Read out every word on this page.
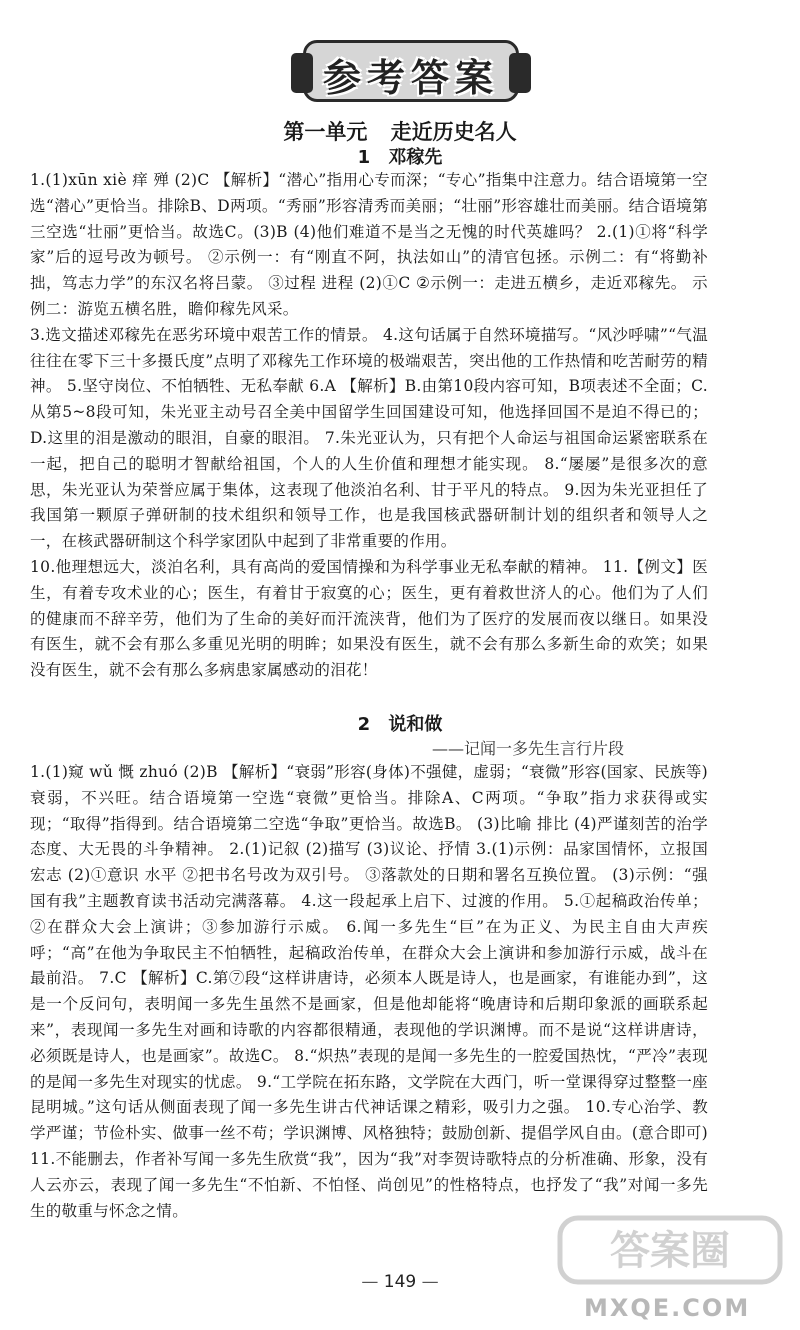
参考答案
第一单元 走近历史名人
1 邓稼先

1.(1)xūn xiè 痒 殚 (2)C 【解析】“潜心”指用心专而深；“专心”指集中注意力。结合语境第一空选“潜心”更恰当。排除B、D两项。“秀丽”形容清秀而美丽；“壮丽”形容雄壮而美丽。结合语境第三空选“壮丽”更恰当。故选C。(3)B (4)他们难道不是当之无愧的时代英雄吗？ 2.(1)①将“科学家”后的逗号改为顿号。 ②示例一：有“刚直不阿，执法如山”的清官包拯。示例二：有“将勤补拙，笃志力学”的东汉名将吕蒙。 ③过程 进程 (2)①C ②示例一：走进五横乡，走近邓稼先。 示例二：游览五横名胜，瞻仰稼先风采。

3.选文描述邓稼先在恶劣环境中艰苦工作的情景。 4.这句话属于自然环境描写。“风沙呼啸”“气温往往在零下三十多摄氏度”点明了邓稼先工作环境的极端艰苦，突出他的工作热情和吃苦耐劳的精神。 5.坚守岗位、不怕牺牲、无私奉献 6.A 【解析】B.由第10段内容可知，B项表述不全面；C.从第5~8段可知，朱光亚主动号召全美中国留学生回国建设可知，他选择回国不是迫不得已的；D.这里的泪是激动的眼泪，自豪的眼泪。 7.朱光亚认为，只有把个人命运与祖国命运紧密联系在一起，把自己的聪明才智献给祖国，个人的人生价值和理想才能实现。 8.“屡屡”是很多次的意思，朱光亚认为荣誉应属于集体，这表现了他淡泊名利、甘于平凡的特点。 9.因为朱光亚担任了我国第一颗原子弹研制的技术组织和领导工作，也是我国核武器研制计划的组织者和领导人之一，在核武器研制这个科学家团队中起到了非常重要的作用。

10.他理想远大，淡泊名利，具有高尚的爱国情操和为科学事业无私奉献的精神。 11.【例文】医生，有着专攻术业的心；医生，有着甘于寂寞的心；医生，更有着救世济人的心。他们为了人们的健康而不辞辛劳，他们为了生命的美好而汗流浃背，他们为了医疗的发展而夜以继日。如果没有医生，就不会有那么多重见光明的明眸；如果没有医生，就不会有那么多新生命的欢笑；如果没有医生，就不会有那么多病患家属感动的泪花！

2 说和做
——记闻一多先生言行片段

1.(1)窥 wǔ 慨 zhuó (2)B 【解析】“衰弱”形容(身体)不强健，虚弱；“衰微”形容(国家、民族等)衰弱，不兴旺。结合语境第一空选“衰微”更恰当。排除A、C两项。“争取”指力求获得或实现；“取得”指得到。结合语境第二空选“争取”更恰当。故选B。 (3)比喻 排比 (4)严谨刻苦的治学态度、大无畏的斗争精神。 2.(1)记叙 (2)描写 (3)议论、抒情 3.(1)示例：品家国情怀，立报国宏志 (2)①意识 水平 ②把书名号改为双引号。 ③落款处的日期和署名互换位置。 (3)示例：“强国有我”主题教育读书活动完满落幕。 4.这一段起承上启下、过渡的作用。 5.①起稿政治传单；②在群众大会上演讲；③参加游行示威。 6.闻一多先生“巨”在为正义、为民主自由大声疾呼；“高”在他为争取民主不怕牺牲，起稿政治传单，在群众大会上演讲和参加游行示威，战斗在最前沿。 7.C 【解析】C.第⑦段“这样讲唐诗，必须本人既是诗人，也是画家，有谁能办到”，这是一个反问句，表明闻一多先生虽然不是画家，但是他却能将“晚唐诗和后期印象派的画联系起来”，表现闻一多先生对画和诗歌的内容都很精通，表现他的学识渊博。而不是说“这样讲唐诗，必须既是诗人，也是画家”。故选C。 8.“炽热”表现的是闻一多先生的一腔爱国热忱，“严冷”表现的是闻一多先生对现实的忧虑。 9.“工学院在拓东路，文学院在大西门，听一堂课得穿过整整一座昆明城。”这句话从侧面表现了闻一多先生讲古代神话课之精彩，吸引力之强。 10.专心治学、教学严谨；节俭朴实、做事一丝不苟；学识渊博、风格独特；鼓励创新、提倡学风自由。(意合即可) 11.不能删去，作者补写闻一多先生欣赏“我”，因为“我”对李贺诗歌特点的分析准确、形象，没有人云亦云，表现了闻一多先生“不怕新、不怕怪、尚创见”的性格特点，也抒发了“我”对闻一多先生的敬重与怀念之情。

— 149 —
答案圈
MXQE.COM
